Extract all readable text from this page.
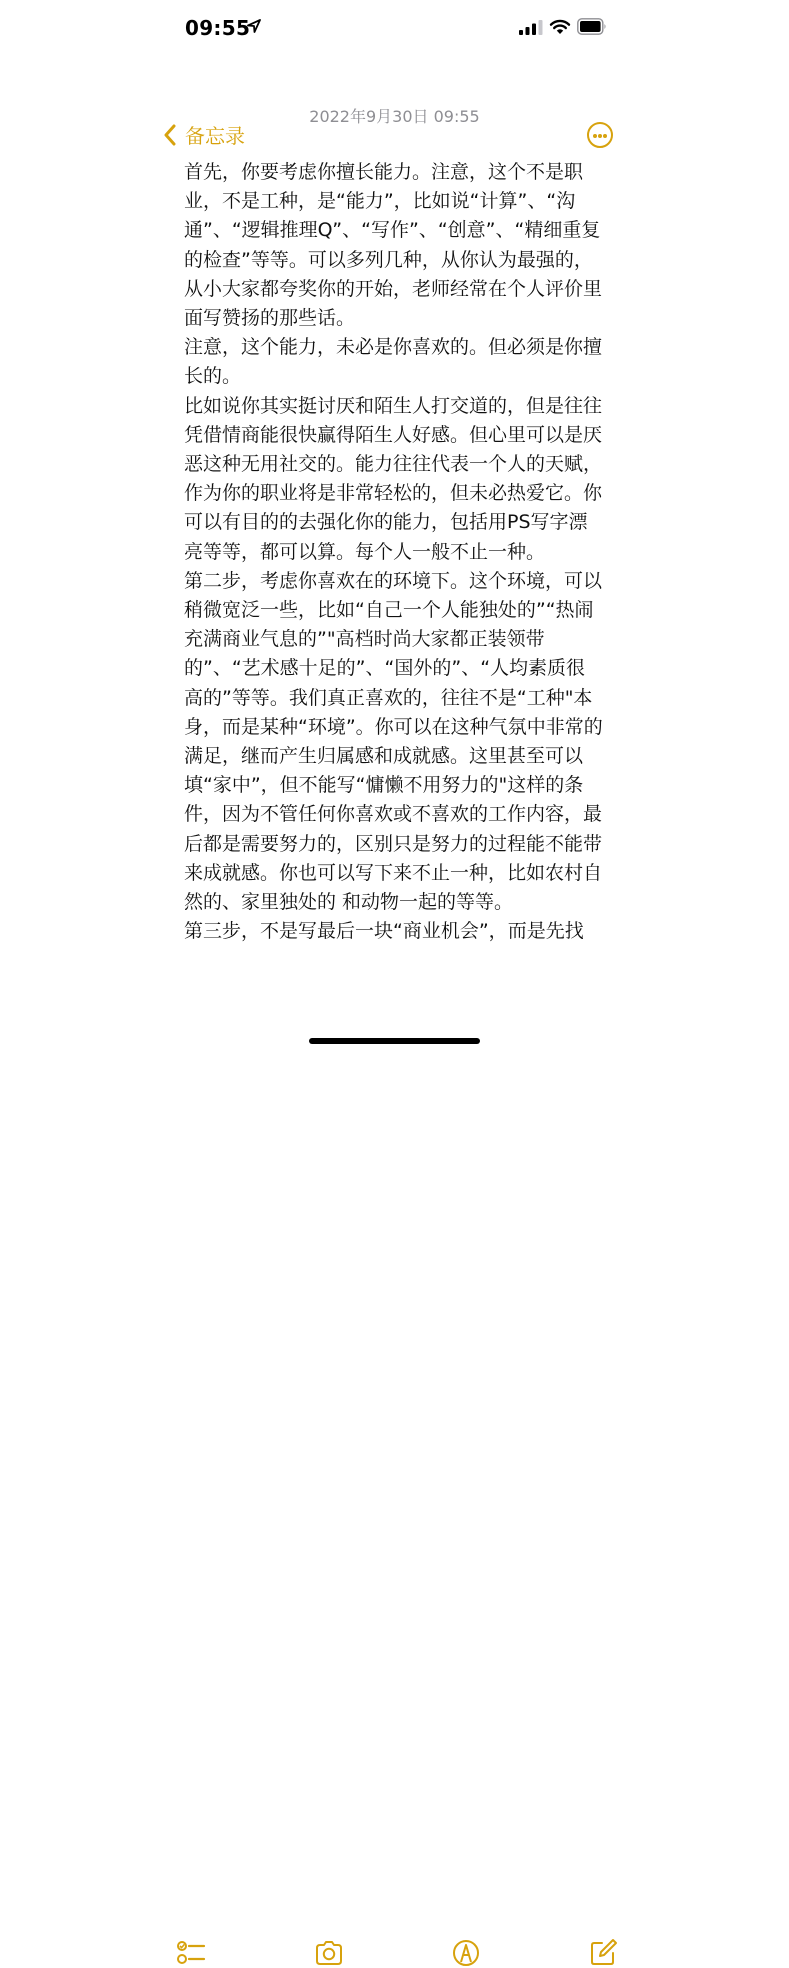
09:55
备忘录
2022年9月30日 09:55

首先，你要考虑你擅长能力。注意，这个不是职业，不是工种，是“能力”，比如说“计算”、“沟通”、“逻辑推理Q”、“写作”、“创意”、“精细重复的检查”等等。可以多列几种，从你认为最强的，从小大家都夸奖你的开始，老师经常在个人评价里面写赞扬的那些话。

注意，这个能力，未必是你喜欢的。但必须是你擅长的。

比如说你其实挺讨厌和陌生人打交道的，但是往往凭借情商能很快赢得陌生人好感。但心里可以是厌恶这种无用社交的。能力往往代表一个人的天赋，作为你的职业将是非常轻松的，但未必热爱它。你可以有目的的去强化你的能力，包括用PS写字漂亮等等，都可以算。每个人一般不止一种。

第二步，考虑你喜欢在的环境下。这个环境，可以稍微宽泛一些，比如“自己一个人能独处的”“热闹充满商业气息的”"高档时尚大家都正装领带的”、“艺术感十足的”、“国外的”、“人均素质很高的”等等。我们真正喜欢的，往往不是“工种"本身，而是某种“环境”。你可以在这种气氛中非常的满足，继而产生归属感和成就感。这里甚至可以填“家中”，但不能写“慵懒不用努力的"这样的条件，因为不管任何你喜欢或不喜欢的工作内容，最后都是需要努力的，区别只是努力的过程能不能带来成就感。你也可以写下来不止一种，比如农村自然的、家里独处的 和动物一起的等等。

第三步，不是写最后一块“商业机会”，而是先找
